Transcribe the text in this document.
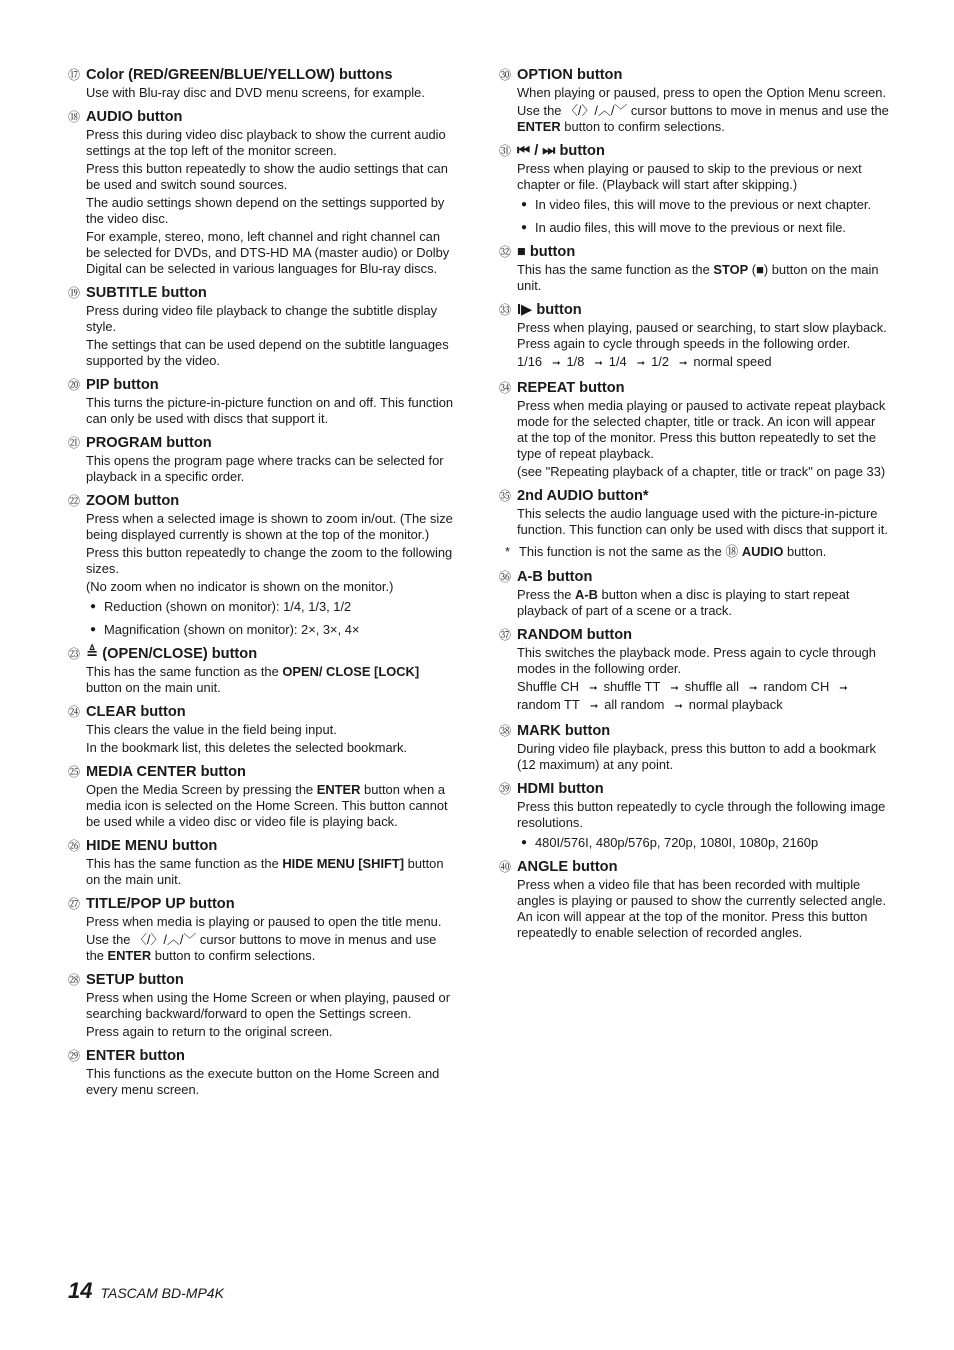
⑰ Color (RED/GREEN/BLUE/YELLOW) buttons

Use with Blu-ray disc and DVD menu screens, for example.

⑱ AUDIO button

Press this during video disc playback to show the current audio settings at the top left of the monitor screen.

Press this button repeatedly to show the audio settings that can be used and switch sound sources.

The audio settings shown depend on the settings supported by the video disc.

For example, stereo, mono, left channel and right channel can be selected for DVDs, and DTS-HD MA (master audio) or Dolby Digital can be selected in various languages for Blu-ray discs.

⑲ SUBTITLE button

Press during video file playback to change the subtitle display style.

The settings that can be used depend on the subtitle languages supported by the video.

⑳ PIP button

This turns the picture-in-picture function on and off. This function can only be used with discs that support it.

㉑ PROGRAM button

This opens the program page where tracks can be selected for playback in a specific order.

㉒ ZOOM button

Press when a selected image is shown to zoom in/out. (The size being displayed currently is shown at the top of the monitor.)

Press this button repeatedly to change the zoom to the following sizes.

(No zoom when no indicator is shown on the monitor.)

● Reduction (shown on monitor): 1/4, 1/3, 1/2
● Magnification (shown on monitor): 2×, 3×, 4×
㉓ ≜ (OPEN/CLOSE) button

This has the same function as the OPEN/ CLOSE [LOCK] button on the main unit.

㉔ CLEAR button

This clears the value in the field being input.

In the bookmark list, this deletes the selected bookmark.

㉕ MEDIA CENTER button

Open the Media Screen by pressing the ENTER button when a media icon is selected on the Home Screen. This button cannot be used while a video disc or video file is playing back.

㉖ HIDE MENU button

This has the same function as the HIDE MENU [SHIFT] button on the main unit.

㉗ TITLE/POP UP button

Press when media is playing or paused to open the title menu.

Use the 〈/〉/︿/﹀ cursor buttons to move in menus and use the ENTER button to confirm selections.

㉘ SETUP button

Press when using the Home Screen or when playing, paused or searching backward/forward to open the Settings screen.

Press again to return to the original screen.

㉙ ENTER button

This functions as the execute button on the Home Screen and every menu screen.

㉚ OPTION button

When playing or paused, press to open the Option Menu screen.

Use the 〈/〉/︿/﹀ cursor buttons to move in menus and use the ENTER button to confirm selections.

㉛ ⏮ / ⏭ button

Press when playing or paused to skip to the previous or next chapter or file. (Playback will start after skipping.)

● In video files, this will move to the previous or next chapter.
● In audio files, this will move to the previous or next file.
㉜ ■ button

This has the same function as the STOP (■) button on the main unit.

㉝ I▶ button

Press when playing, paused or searching, to start slow playback. Press again to cycle through speeds in the following order.

1/16 ➞ 1/8 ➞ 1/4 ➞ 1/2 ➞ normal speed
㉞ REPEAT button

Press when media playing or paused to activate repeat playback mode for the selected chapter, title or track. An icon will appear at the top of the monitor. Press this button repeatedly to set the type of repeat playback.

(see "Repeating playback of a chapter, title or track" on page 33)

㉟ 2nd AUDIO button*

This selects the audio language used with the picture-in-picture function. This function can only be used with discs that support it.

* This function is not the same as the ⑱ AUDIO button.
㊱ A-B button

Press the A-B button when a disc is playing to start repeat playback of part of a scene or a track.

㊲ RANDOM button

This switches the playback mode. Press again to cycle through modes in the following order.

Shuffle CH ➞ shuffle TT ➞ shuffle all ➞ random CH ➞
random TT ➞ all random ➞ normal playback
㊳ MARK button

During video file playback, press this button to add a bookmark (12 maximum) at any point.

㊴ HDMI button

Press this button repeatedly to cycle through the following image resolutions.

● 480I/576I, 480p/576p, 720p, 1080I, 1080p, 2160p
㊵ ANGLE button

Press when a video file that has been recorded with multiple angles is playing or paused to show the currently selected angle. An icon will appear at the top of the monitor. Press this button repeatedly to enable selection of recorded angles.

14 TASCAM BD-MP4K
